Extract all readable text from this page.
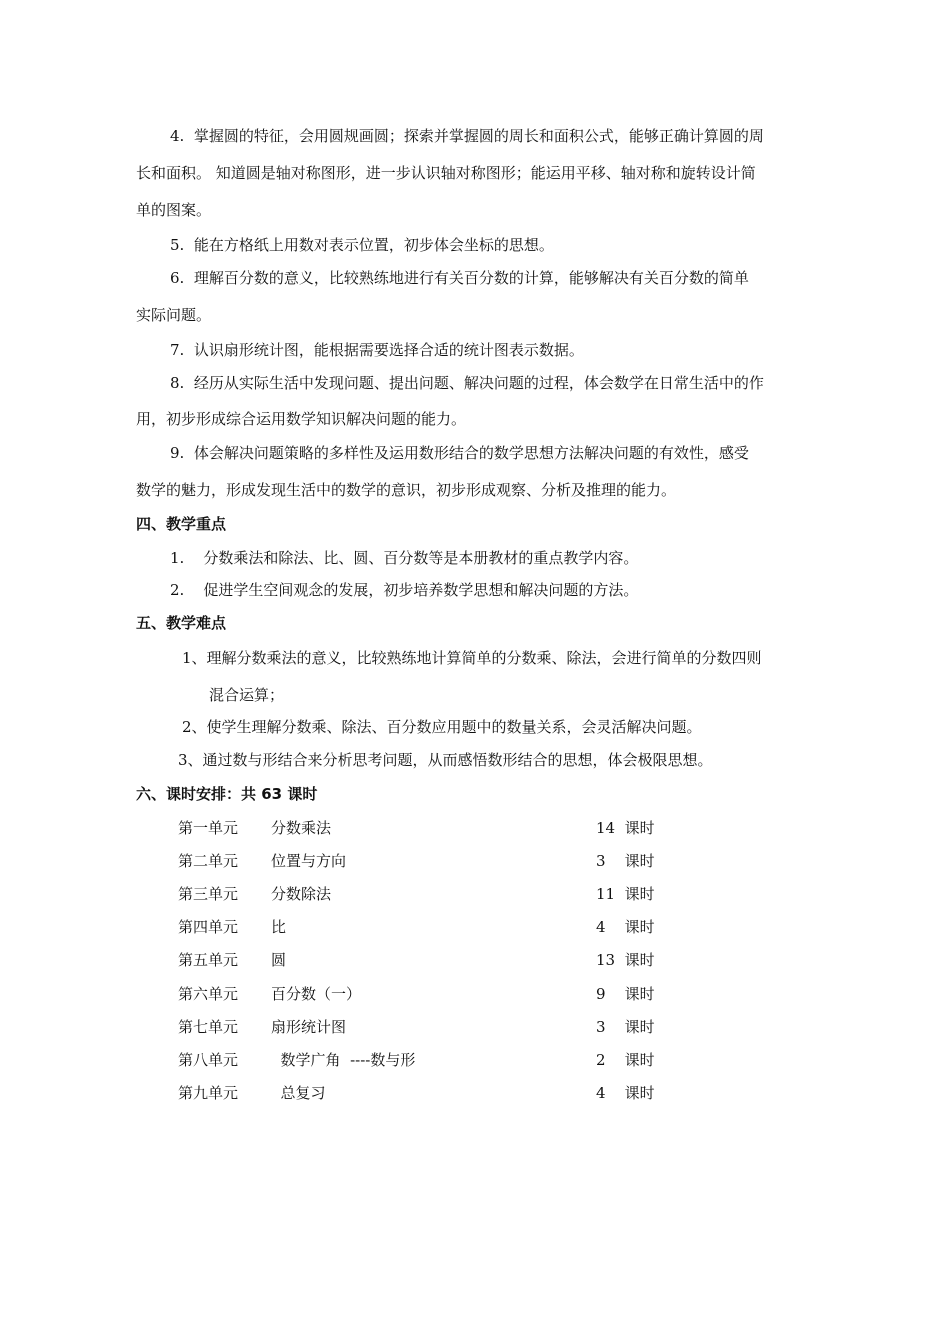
4.  掌握圆的特征，会用圆规画圆；探索并掌握圆的周长和面积公式，能够正确计算圆的周
长和面积。 知道圆是轴对称图形，进一步认识轴对称图形；能运用平移、轴对称和旋转设计简
单的图案。
5.  能在方格纸上用数对表示位置，初步体会坐标的思想。
6.  理解百分数的意义，比较熟练地进行有关百分数的计算，能够解决有关百分数的简单
实际问题。
7.  认识扇形统计图，能根据需要选择合适的统计图表示数据。
8.  经历从实际生活中发现问题、提出问题、解决问题的过程，体会数学在日常生活中的作
用，初步形成综合运用数学知识解决问题的能力。
9.  体会解决问题策略的多样性及运用数形结合的数学思想方法解决问题的有效性，感受
数学的魅力，形成发现生活中的数学的意识，初步形成观察、分析及推理的能力。
四、教学重点
1.    分数乘法和除法、比、圆、百分数等是本册教材的重点教学内容。
2.    促进学生空间观念的发展，初步培养数学思想和解决问题的方法。
五、教学难点
1、理解分数乘法的意义，比较熟练地计算简单的分数乘、除法，会进行简单的分数四则
混合运算；
2、使学生理解分数乘、除法、百分数应用题中的数量关系，会灵活解决问题。
3、通过数与形结合来分析思考问题，从而感悟数形结合的思想，体会极限思想。
六、课时安排：共 63 课时
第一单元 分数乘法	14  课时
第二单元 位置与方向	3    课时
第三单元 分数除法	11  课时
第四单元 比	4    课时
第五单元 圆	13  课时
第六单元 百分数（一）	9    课时
第七单元 扇形统计图	3    课时
第八单元 数学广角  ----数与形	2    课时
第九单元 总复习	4    课时
